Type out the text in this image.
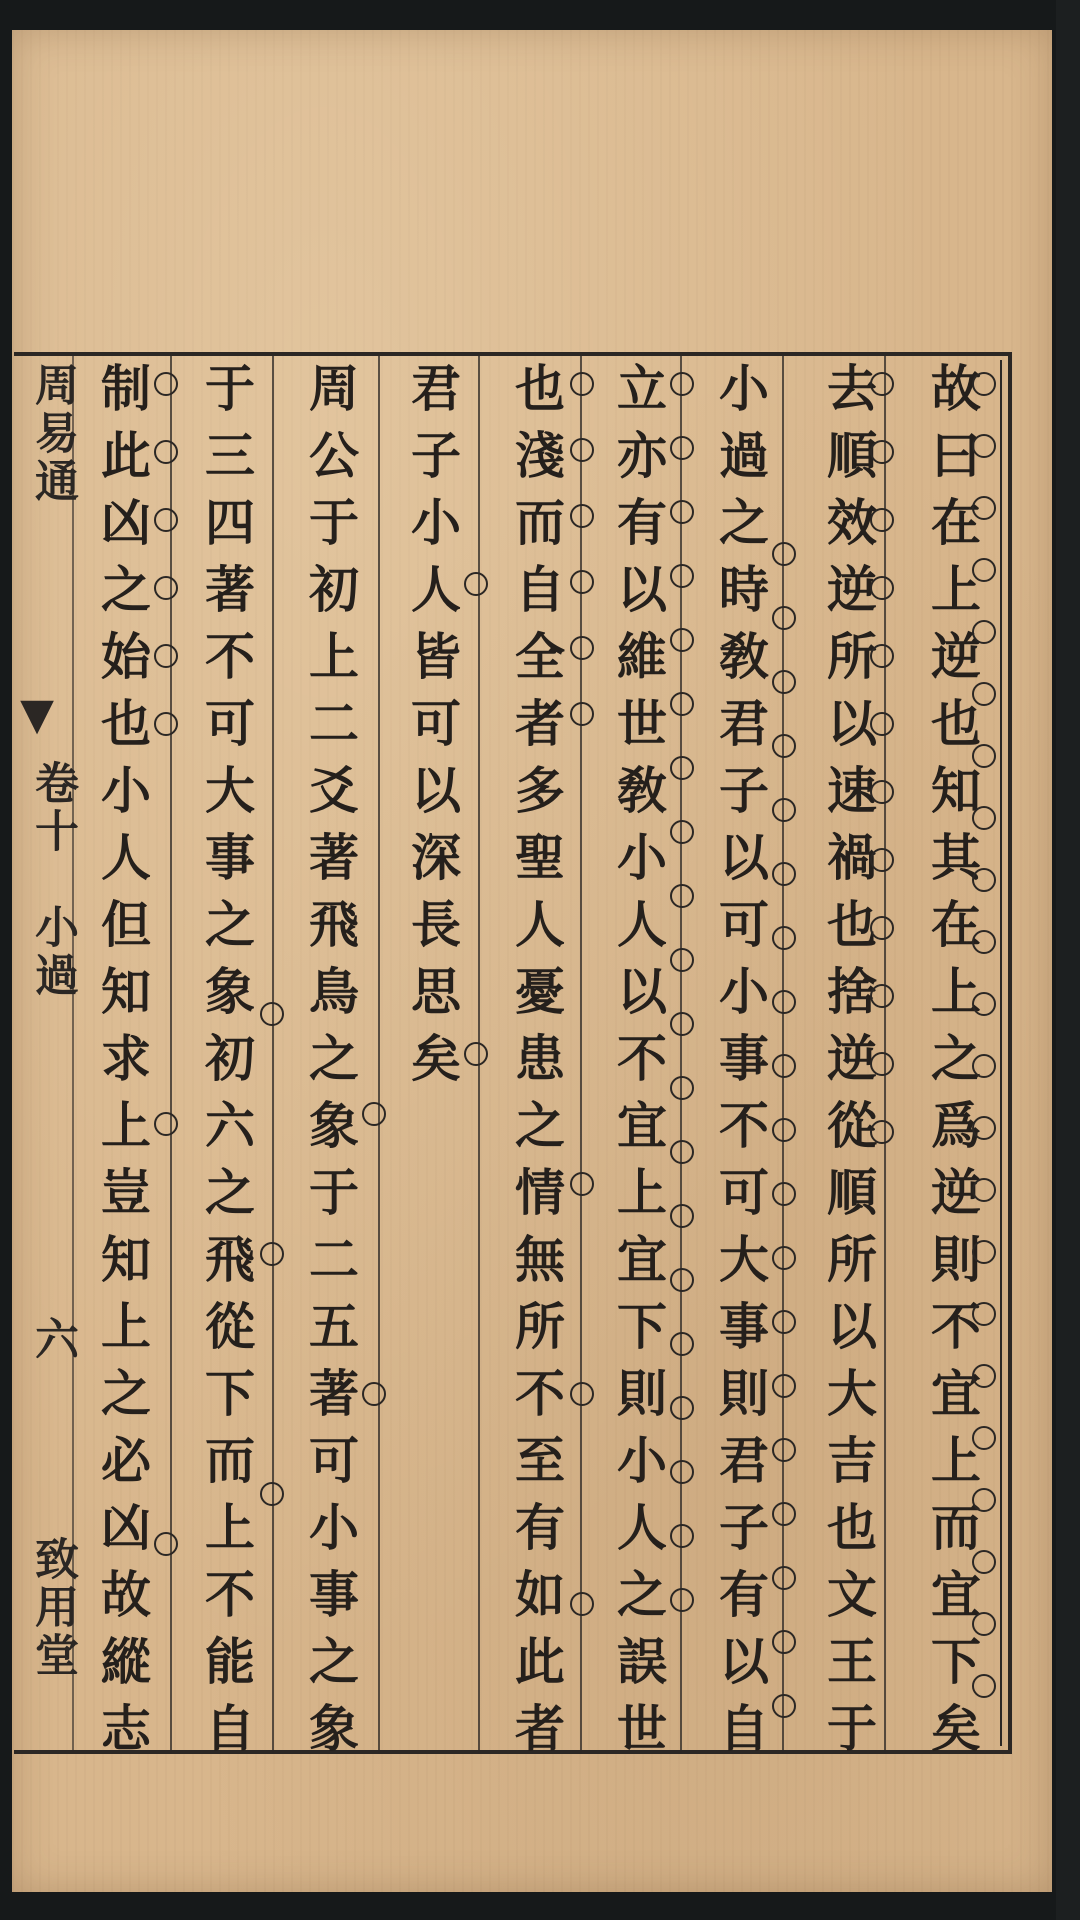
周易通
卷十
小過
六
致用堂
▼	故曰在上逆也知其在上之爲逆則不宜上而宜下矣
去順效逆所以速禍也捨逆從順所以大吉也文王于
小過之時敎君子以可小事不可大事則君子有以自
立亦有以維世敎小人以不宜上宜下則小人之誤世
也淺而自全者多聖人憂患之情無所不至有如此者
君子小人皆可以深長思矣
周公于初上二爻著飛鳥之象于二五著可小事之象
于三四著不可大事之象初六之飛從下而上不能自
制此凶之始也小人但知求上豈知上之必凶故縱志
